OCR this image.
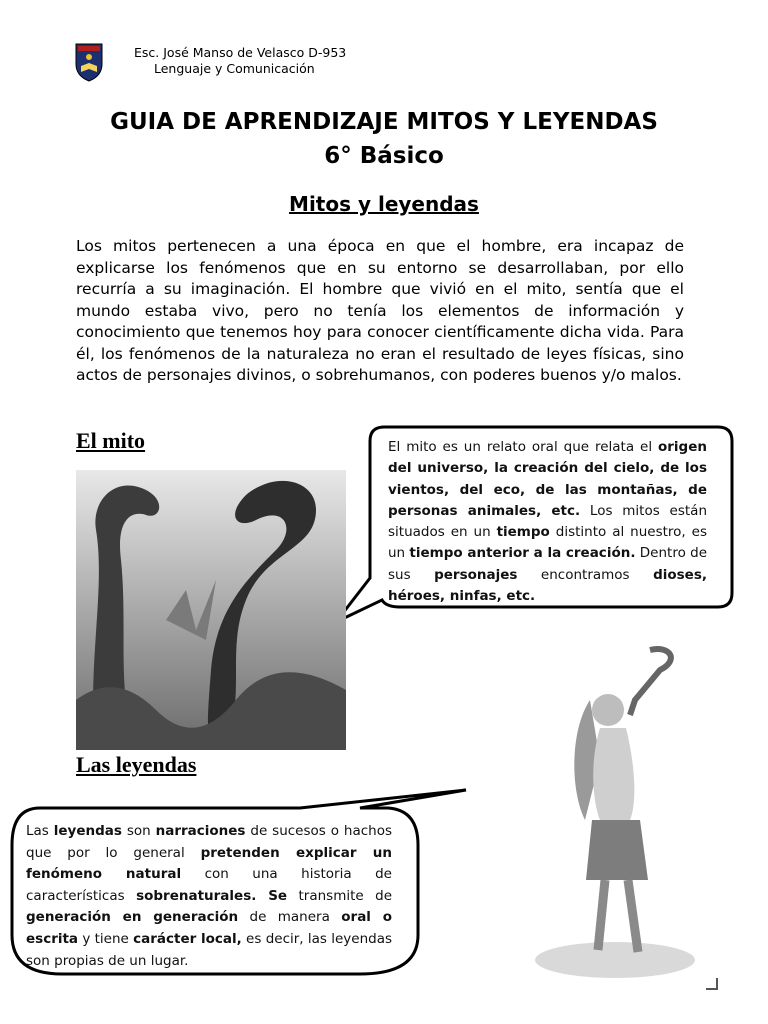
Esc. José Manso de Velasco D-953
Lenguaje y Comunicación
GUIA DE APRENDIZAJE MITOS Y LEYENDAS
6° Básico
Mitos y leyendas
Los mitos pertenecen a una época en que el hombre, era incapaz de explicarse los fenómenos que en su entorno se desarrollaban, por ello recurría a su imaginación. El hombre que vivió en el mito, sentía que el mundo estaba vivo, pero no tenía los elementos de información y conocimiento que tenemos hoy para conocer científicamente dicha vida. Para él, los fenómenos de la naturaleza no eran el resultado de leyes físicas, sino actos de personajes divinos, o sobrehumanos, con poderes buenos y/o malos.
El mito	El mito es un relato oral que relata el origen del universo, la creación del cielo, de los vientos, del eco, de las montañas, de personas animales, etc. Los mitos están situados en un tiempo distinto al nuestro, es un tiempo anterior a la creación. Dentro de sus personajes encontramos dioses, héroes, ninfas, etc.
Las leyendas
Las leyendas son narraciones de sucesos o hachos que por lo general pretenden explicar un fenómeno natural con una historia de características sobrenaturales. Se transmite de generación en generación de manera oral o escrita y tiene carácter local, es decir, las leyendas son propias de un lugar.
